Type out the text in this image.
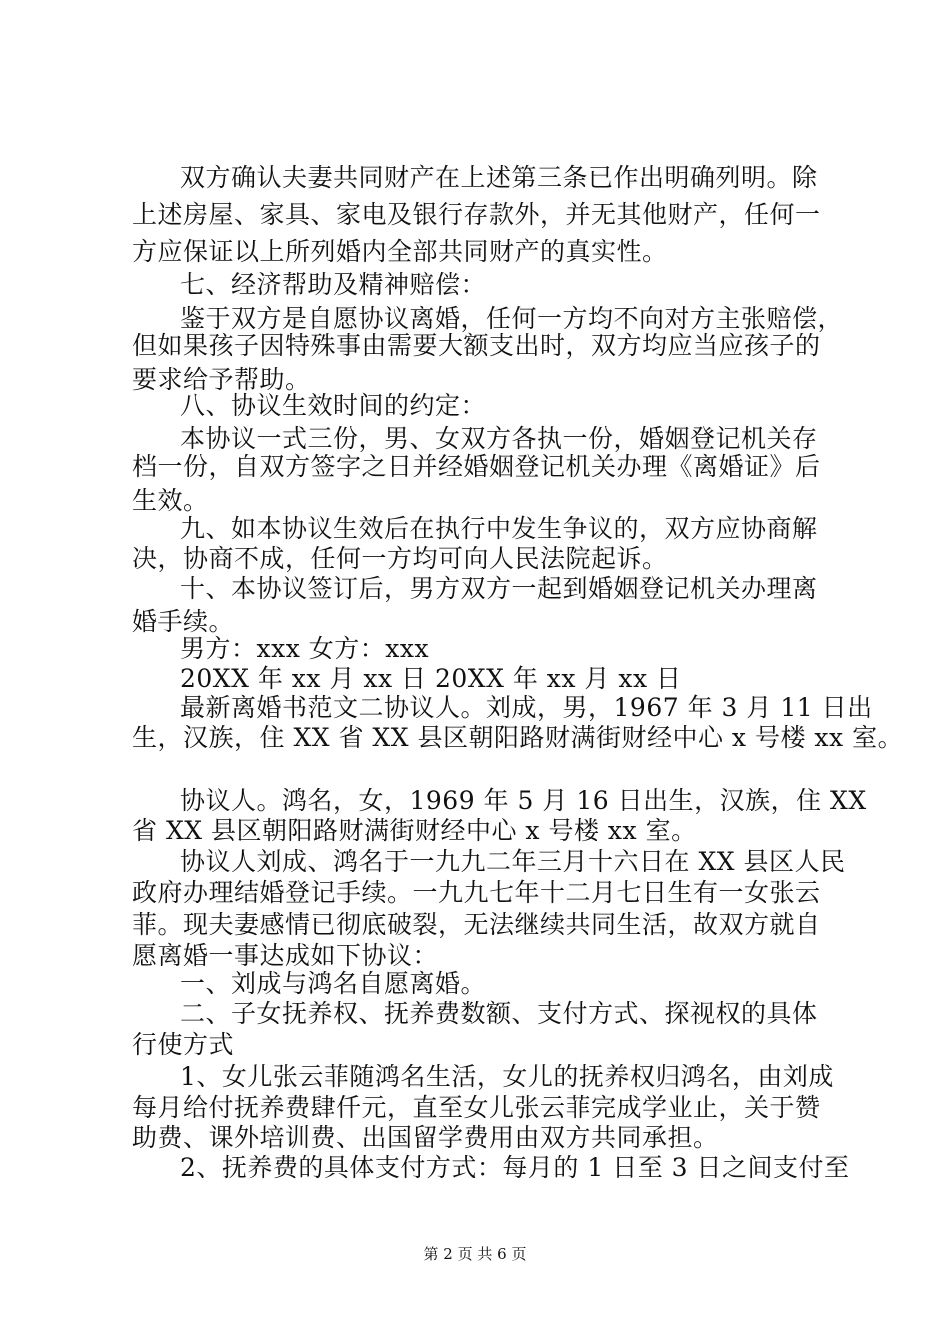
双方确认夫妻共同财产在上述第三条已作出明确列明。除
上述房屋、家具、家电及银行存款外，并无其他财产，任何一
方应保证以上所列婚内全部共同财产的真实性。
七、经济帮助及精神赔偿：
鉴于双方是自愿协议离婚，任何一方均不向对方主张赔偿，
但如果孩子因特殊事由需要大额支出时，双方均应当应孩子的
要求给予帮助。
八、协议生效时间的约定：
本协议一式三份，男、女双方各执一份，婚姻登记机关存
档一份，自双方签字之日并经婚姻登记机关办理《离婚证》后
生效。
九、如本协议生效后在执行中发生争议的，双方应协商解
决，协商不成，任何一方均可向人民法院起诉。
十、本协议签订后，男方双方一起到婚姻登记机关办理离
婚手续。
男方：xxx 女方：xxx
20XX 年 xx 月 xx 日 20XX 年 xx 月 xx 日
最新离婚书范文二协议人。刘成，男，1967 年 3 月 11 日出
生，汉族，住 XX 省 XX 县区朝阳路财满街财经中心 x 号楼 xx 室。
协议人。鸿名，女，1969 年 5 月 16 日出生，汉族，住 XX
省 XX 县区朝阳路财满街财经中心 x 号楼 xx 室。
协议人刘成、鸿名于一九九二年三月十六日在 XX 县区人民
政府办理结婚登记手续。一九九七年十二月七日生有一女张云
菲。现夫妻感情已彻底破裂，无法继续共同生活，故双方就自
愿离婚一事达成如下协议：
一、刘成与鸿名自愿离婚。
二、子女抚养权、抚养费数额、支付方式、探视权的具体
行使方式
1、女儿张云菲随鸿名生活，女儿的抚养权归鸿名，由刘成
每月给付抚养费肆仟元，直至女儿张云菲完成学业止，关于赞
助费、课外培训费、出国留学费用由双方共同承担。
2、抚养费的具体支付方式：每月的 1 日至 3 日之间支付至
第 2 页 共 6 页
